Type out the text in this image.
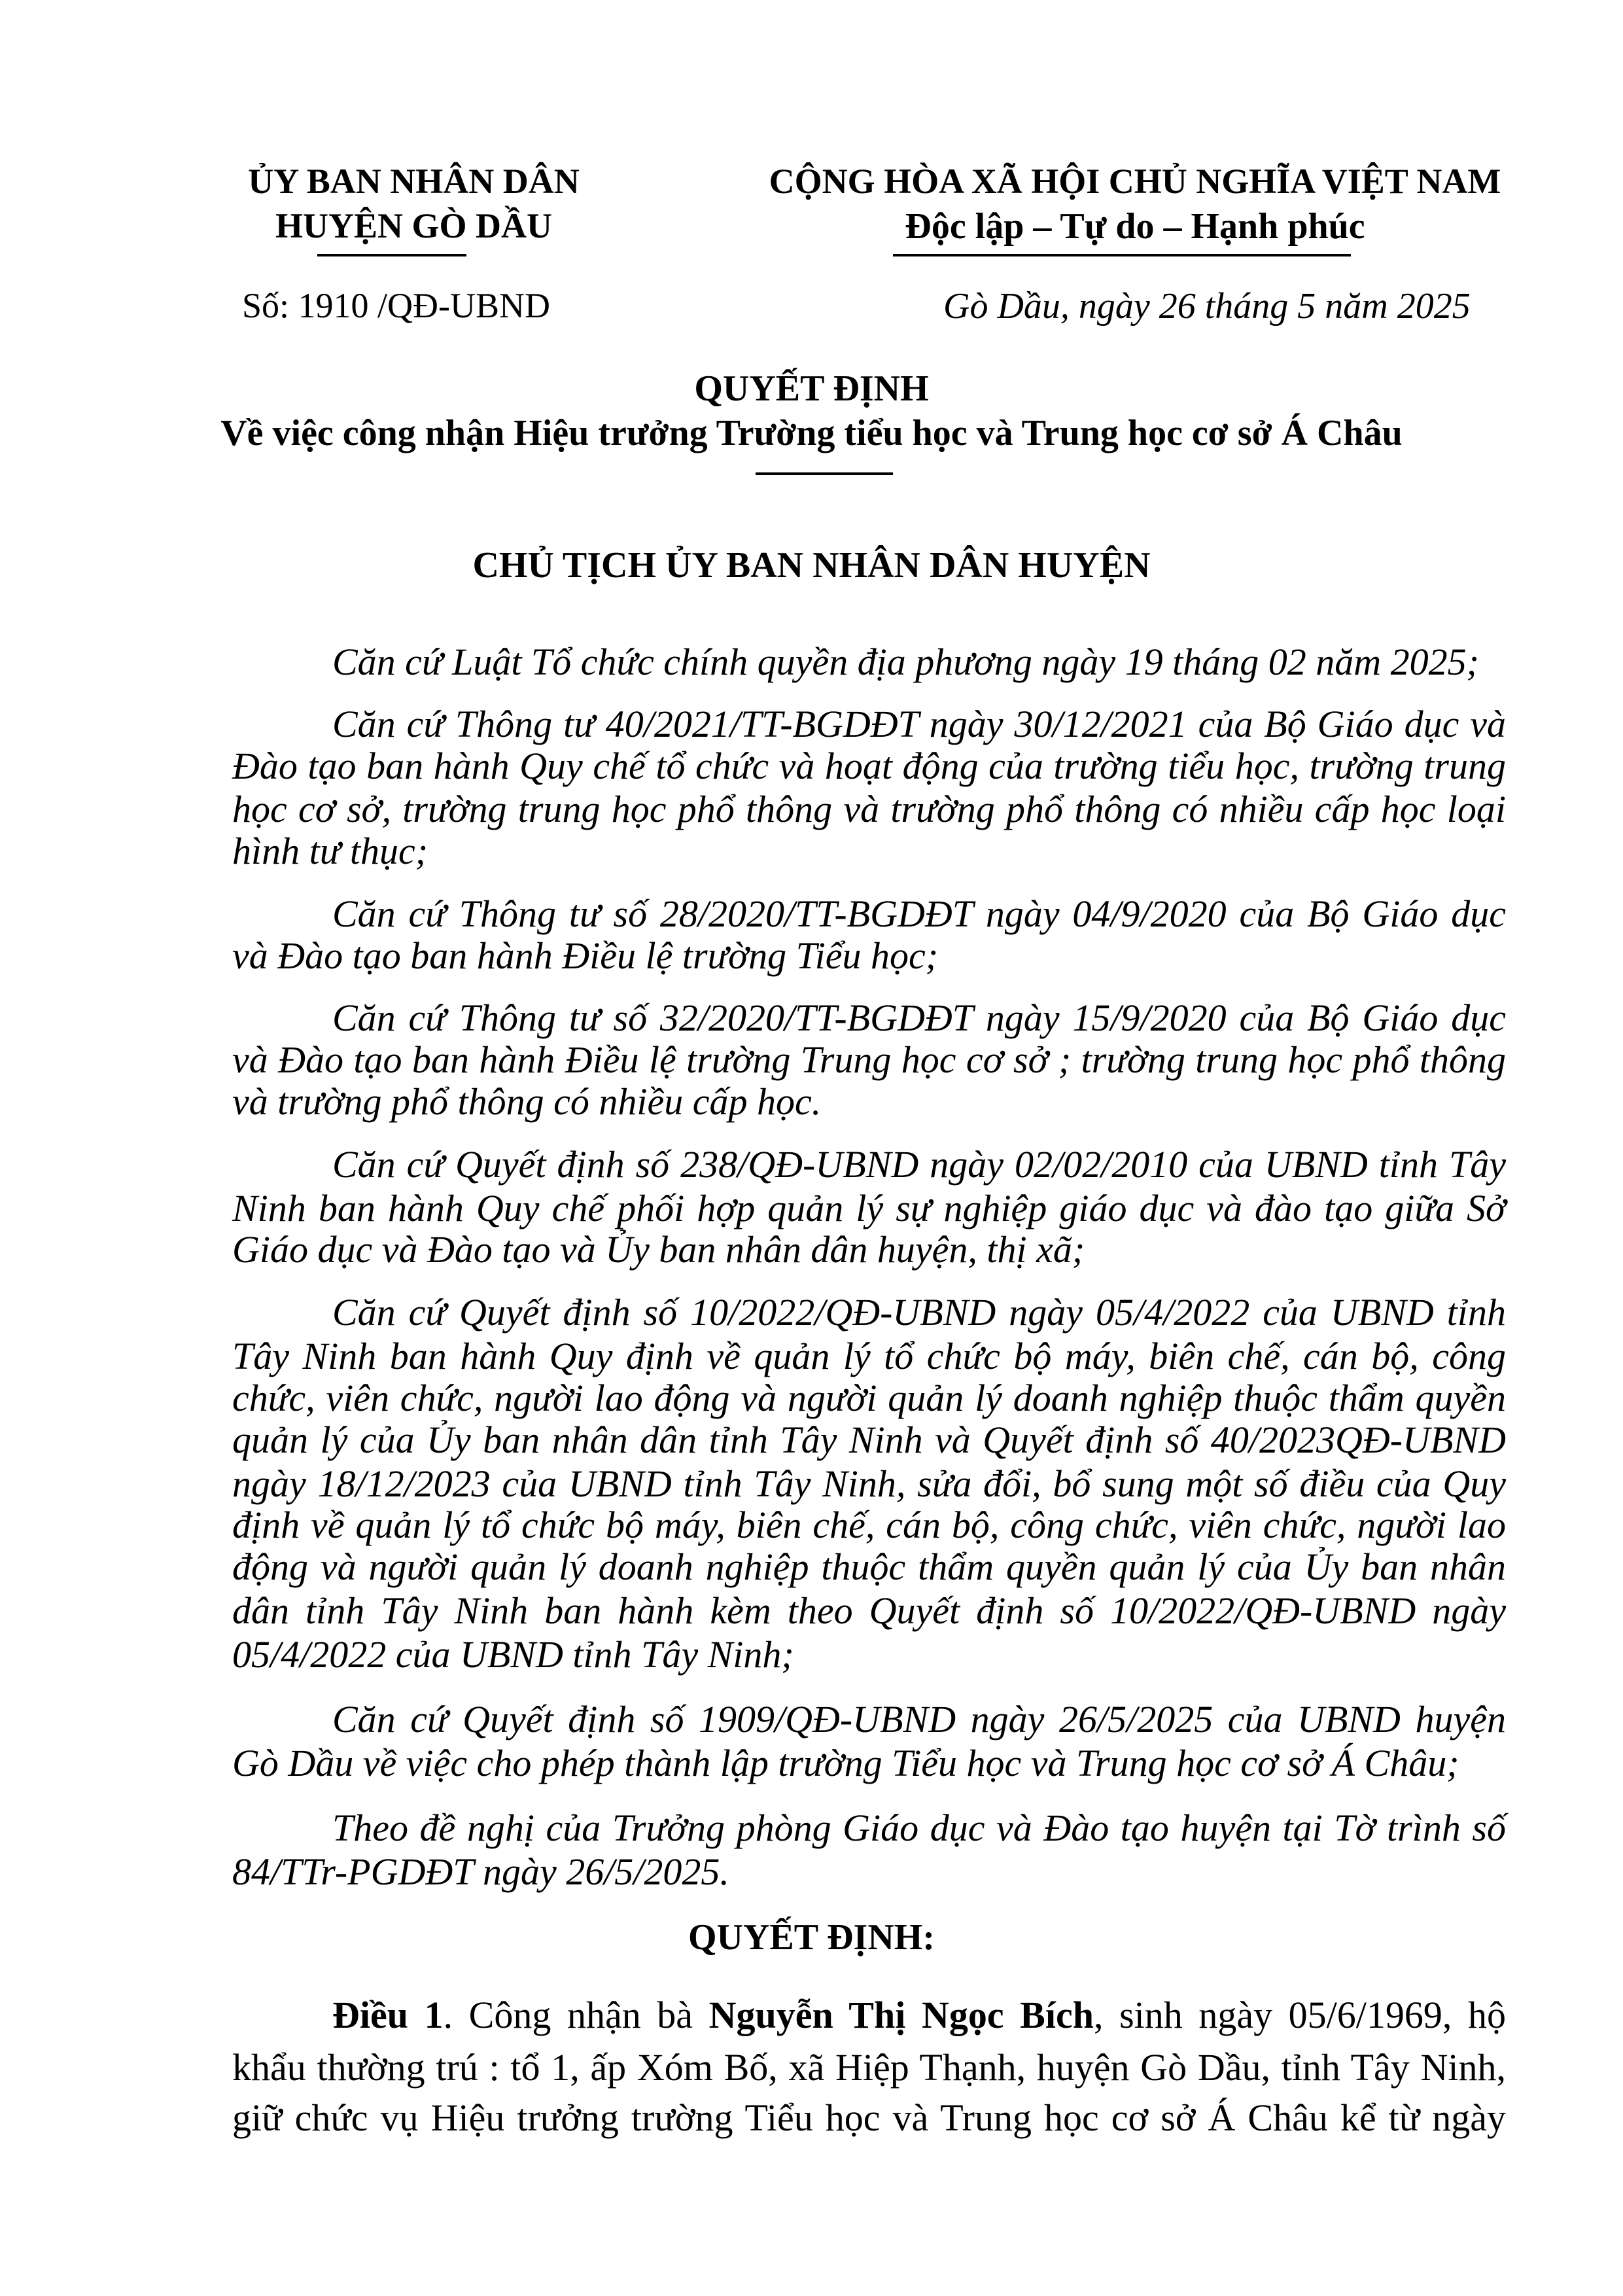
ỦY BAN NHÂN DÂN
HUYỆN GÒ DẦU
Số: 1910 /QĐ-UBND
CỘNG HÒA XÃ HỘI CHỦ NGHĨA VIỆT NAM
Độc lập – Tự do – Hạnh phúc
Gò Dầu, ngày 26 tháng 5 năm 2025
QUYẾT ĐỊNH
Về việc công nhận Hiệu trưởng Trường tiểu học và Trung học cơ sở Á Châu
CHỦ TỊCH ỦY BAN NHÂN DÂN HUYỆN
Căn cứ Luật Tổ chức chính quyền địa phương ngày 19 tháng 02 năm 2025;
Căn cứ Thông tư 40/2021/TT-BGDĐT ngày 30/12/2021 của Bộ Giáo dục và
Đào tạo ban hành Quy chế tổ chức và hoạt động của trường tiểu học, trường trung
học cơ sở, trường trung học phổ thông và trường phổ thông có nhiều cấp học loại
hình tư thục;
Căn cứ Thông tư số 28/2020/TT-BGDĐT ngày 04/9/2020 của Bộ Giáo dục
và Đào tạo ban hành Điều lệ trường Tiểu học;
Căn cứ Thông tư số 32/2020/TT-BGDĐT ngày 15/9/2020 của Bộ Giáo dục
và Đào tạo ban hành Điều lệ trường Trung học cơ sở ; trường trung học phổ thông
và trường phổ thông có nhiều cấp học.
Căn cứ Quyết định số 238/QĐ-UBND ngày 02/02/2010 của UBND tỉnh Tây
Ninh ban hành Quy chế phối hợp quản lý sự nghiệp giáo dục và đào tạo giữa Sở
Giáo dục và Đào tạo và Ủy ban nhân dân huyện, thị xã;
Căn cứ Quyết định số 10/2022/QĐ-UBND ngày 05/4/2022 của UBND tỉnh
Tây Ninh ban hành Quy định về quản lý tổ chức bộ máy, biên chế, cán bộ, công
chức, viên chức, người lao động và người quản lý doanh nghiệp thuộc thẩm quyền
quản lý của Ủy ban nhân dân tỉnh Tây Ninh và Quyết định số 40/2023QĐ-UBND
ngày 18/12/2023 của UBND tỉnh Tây Ninh, sửa đổi, bổ sung một số điều của Quy
định về quản lý tổ chức bộ máy, biên chế, cán bộ, công chức, viên chức, người lao
động và người quản lý doanh nghiệp thuộc thẩm quyền quản lý của Ủy ban nhân
dân tỉnh Tây Ninh ban hành kèm theo Quyết định số 10/2022/QĐ-UBND ngày
05/4/2022 của UBND tỉnh Tây Ninh;
Căn cứ Quyết định số 1909/QĐ-UBND ngày 26/5/2025 của UBND huyện
Gò Dầu về việc cho phép thành lập trường Tiểu học và Trung học cơ sở Á Châu;
Theo đề nghị của Trưởng phòng Giáo dục và Đào tạo huyện tại Tờ trình số
84/TTr-PGDĐT ngày 26/5/2025.
QUYẾT ĐỊNH:
Điều 1. Công nhận bà Nguyễn Thị Ngọc Bích, sinh ngày 05/6/1969, hộ
khẩu thường trú : tổ 1, ấp Xóm Bố, xã Hiệp Thạnh, huyện Gò Dầu, tỉnh Tây Ninh,
giữ chức vụ Hiệu trưởng trường Tiểu học và Trung học cơ sở Á Châu kể từ ngày
